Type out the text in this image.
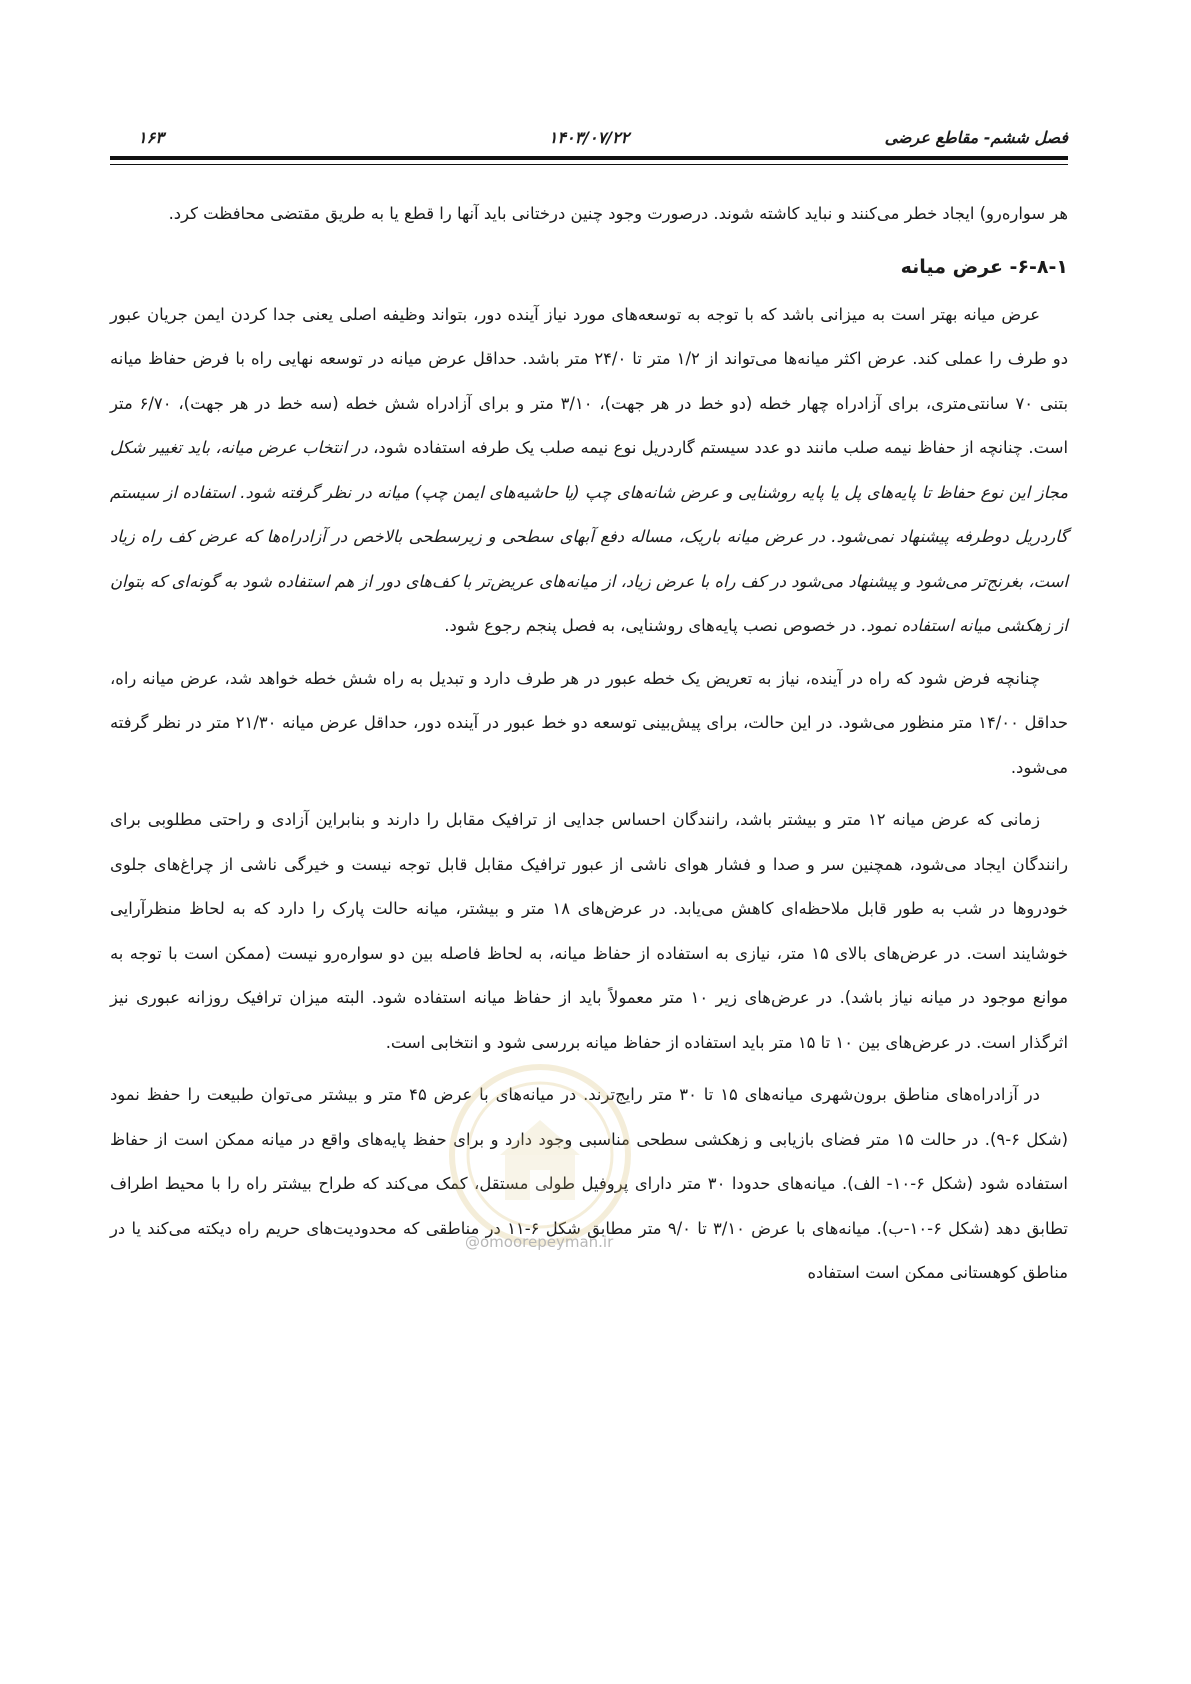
فصل ششم- مقاطع عرضی
۱۴۰۳/۰۷/۲۲
۱۶۳

هر سواره‌رو) ایجاد خطر می‌کنند و نباید کاشته شوند. درصورت وجود چنین درختانی باید آنها را قطع یا به طریق مقتضی محافظت کرد.

۶-۸-۱- عرض میانه

عرض میانه بهتر است به میزانی باشد که با توجه به توسعه‌های مورد نیاز آینده دور، بتواند وظیفه اصلی یعنی جدا کردن ایمن جریان عبور دو طرف را عملی کند. عرض اکثر میانه‌ها می‌تواند از ۱/۲ متر تا ۲۴/۰ متر باشد. حداقل عرض میانه در توسعه نهایی راه با فرض حفاظ میانه بتنی ۷۰ سانتی‌متری، برای آزادراه چهار خطه (دو خط در هر جهت)، ۳/۱۰ متر و برای آزادراه شش خطه (سه خط در هر جهت)، ۶/۷۰ متر است. چنانچه از حفاظ نیمه صلب مانند دو عدد سیستم گاردریل نوع نیمه صلب یک طرفه استفاده شود، در انتخاب عرض میانه، باید تغییر شکل مجاز این نوع حفاظ تا پایه‌های پل یا پایه روشنایی و عرض شانه‌های چپ (یا حاشیه‌های ایمن چپ) میانه در نظر گرفته شود. استفاده از سیستم گاردریل دوطرفه پیشنهاد نمی‌شود. در عرض میانه باریک، مساله دفع آبهای سطحی و زیرسطحی بالاخص در آزادراه‌ها که عرض کف راه زیاد است، بغرنج‌تر می‌شود و پیشنهاد می‌شود در کف راه با عرض زیاد، از میانه‌های عریض‌تر با کف‌های دور از هم استفاده شود به گونه‌ای که بتوان از زهکشی میانه استفاده نمود. در خصوص نصب پایه‌های روشنایی، به فصل پنجم رجوع شود.

چنانچه فرض شود که راه در آینده، نیاز به تعریض یک خطه عبور در هر طرف دارد و تبدیل به راه شش خطه خواهد شد، عرض میانه راه، حداقل ۱۴/۰۰ متر منظور می‌شود. در این حالت، برای پیش‌بینی توسعه دو خط عبور در آینده دور، حداقل عرض میانه ۲۱/۳۰ متر در نظر گرفته می‌شود.

زمانی که عرض میانه ۱۲ متر و بیشتر باشد، رانندگان احساس جدایی از ترافیک مقابل را دارند و بنابراین آزادی و راحتی مطلوبی برای رانندگان ایجاد می‌شود، همچنین سر و صدا و فشار هوای ناشی از عبور ترافیک مقابل قابل توجه نیست و خیرگی ناشی از چراغ‌های جلوی خودروها در شب به طور قابل ملاحظه‌ای کاهش می‌یابد. در عرض‌های ۱۸ متر و بیشتر، میانه حالت پارک را دارد که به لحاظ منظرآرایی خوشایند است. در عرض‌های بالای ۱۵ متر، نیازی به استفاده از حفاظ میانه، به لحاظ فاصله بین دو سواره‌رو نیست (ممکن است با توجه به موانع موجود در میانه نیاز باشد). در عرض‌های زیر ۱۰ متر معمولاً باید از حفاظ میانه استفاده شود. البته میزان ترافیک روزانه عبوری نیز اثرگذار است. در عرض‌های بین ۱۰ تا ۱۵ متر باید استفاده از حفاظ میانه بررسی شود و انتخابی است.

در آزادراه‌های مناطق برون‌شهری میانه‌های ۱۵ تا ۳۰ متر رایج‌ترند. در میانه‌های با عرض ۴۵ متر و بیشتر می‌توان طبیعت را حفظ نمود (شکل ۶-۹). در حالت ۱۵ متر فضای بازیابی و زهکشی سطحی مناسبی وجود دارد و برای حفظ پایه‌های واقع در میانه ممکن است از حفاظ استفاده شود (شکل ۶-۱۰- الف). میانه‌های حدودا ۳۰ متر دارای پروفیل طولی مستقل، کمک می‌کند که طراح بیشتر راه را با محیط اطراف تطابق دهد (شکل ۶-۱۰-ب). میانه‌های با عرض ۳/۱۰ تا ۹/۰ متر مطابق شکل ۶-۱۱ در مناطقی که محدودیت‌های حریم راه دیکته می‌کند یا در مناطق کوهستانی ممکن است استفاده

@omoorepeyman.ir
